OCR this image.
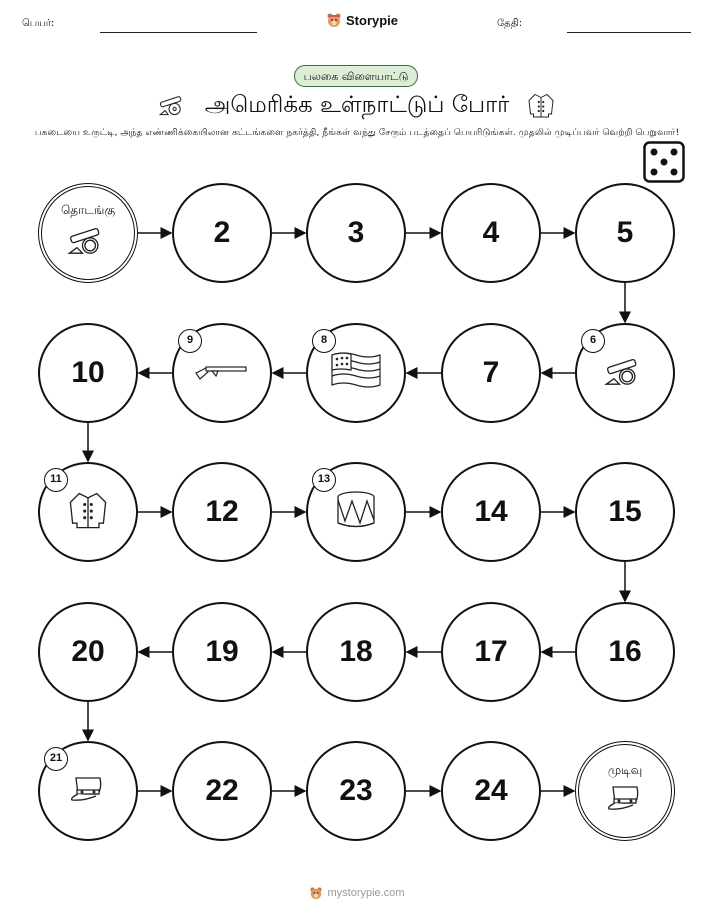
பெயர்:	Storypie	தேதி:
பலகை விளையாட்டு
அமெரிக்க உள்நாட்டுப் போர்
பகடையை உருட்டி, அந்த எண்ணிக்கையிலான கட்டங்களை நகர்த்தி, நீங்கள் வந்து சேரும் படத்தைப் பெயரிடுங்கள். முதலில் முடிப்பவர் வெற்றி பெறுவார்!
தொடங்கு
2	3	4	5
6
7
8
9
10
11
12
13
14	15
16
17
18
19
20
21
22	23	24
முடிவு
mystorypie.com
